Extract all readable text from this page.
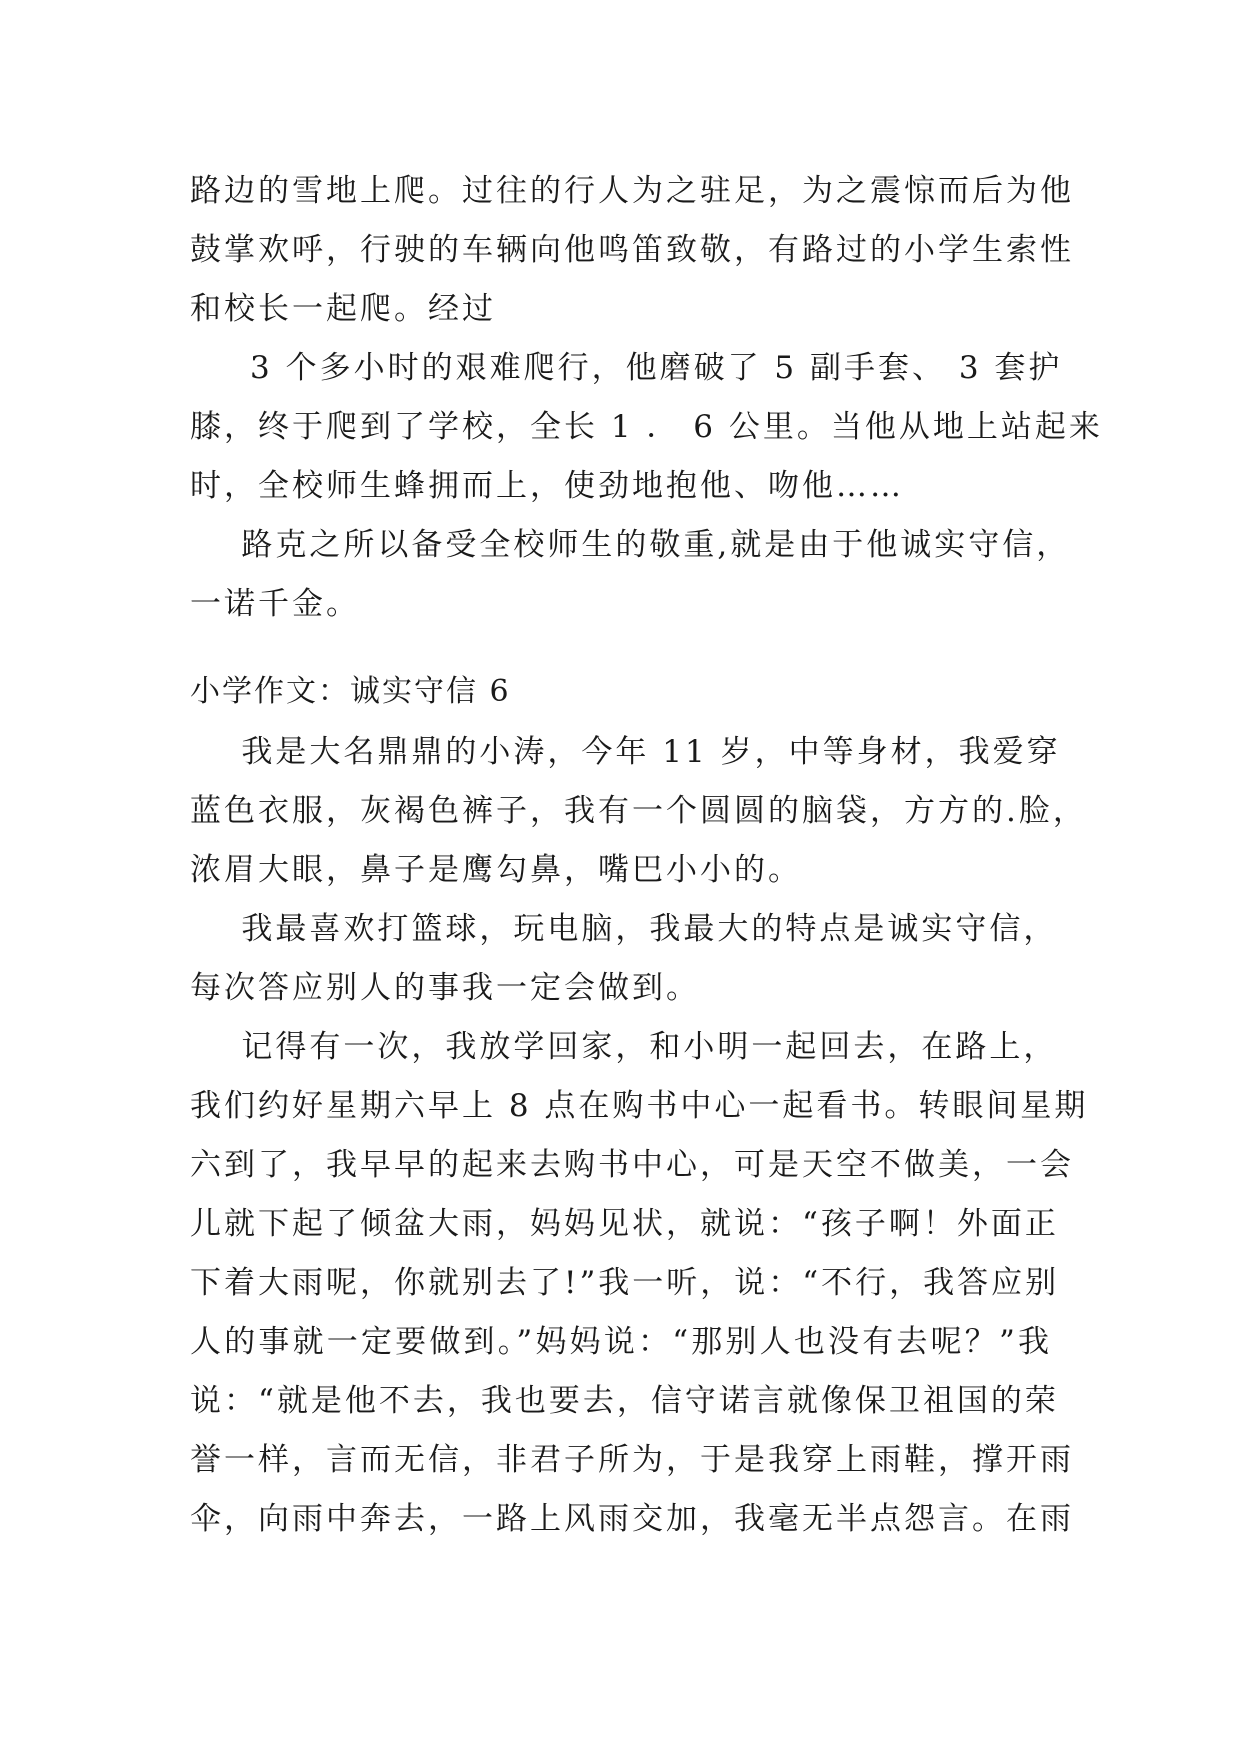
路边的雪地上爬。过往的行人为之驻足，为之震惊而后为他
鼓掌欢呼，行驶的车辆向他鸣笛致敬，有路过的小学生索性
和校长一起爬。经过
3 个多小时的艰难爬行，他磨破了 5 副手套、 3 套护
膝，终于爬到了学校，全长 1 ． 6 公里。当他从地上站起来
时，全校师生蜂拥而上，使劲地抱他、吻他……
路克之所以备受全校师生的敬重,就是由于他诚实守信，
一诺千金。
小学作文：诚实守信 6
我是大名鼎鼎的小涛，今年 11 岁，中等身材，我爱穿
蓝色衣服，灰褐色裤子，我有一个圆圆的脑袋，方方的.脸，
浓眉大眼，鼻子是鹰勾鼻，嘴巴小小的。
我最喜欢打篮球，玩电脑，我最大的特点是诚实守信，
每次答应别人的事我一定会做到。
记得有一次，我放学回家，和小明一起回去，在路上，
我们约好星期六早上 8 点在购书中心一起看书。转眼间星期
六到了，我早早的起来去购书中心，可是天空不做美，一会
儿就下起了倾盆大雨，妈妈见状，就说：“孩子啊！外面正
下着大雨呢，你就别去了!”我一听，说：“不行，我答应别
人的事就一定要做到。”妈妈说：“那别人也没有去呢？”我
说：“就是他不去，我也要去，信守诺言就像保卫祖国的荣
誉一样，言而无信，非君子所为，于是我穿上雨鞋，撑开雨
伞，向雨中奔去，一路上风雨交加，我毫无半点怨言。在雨
